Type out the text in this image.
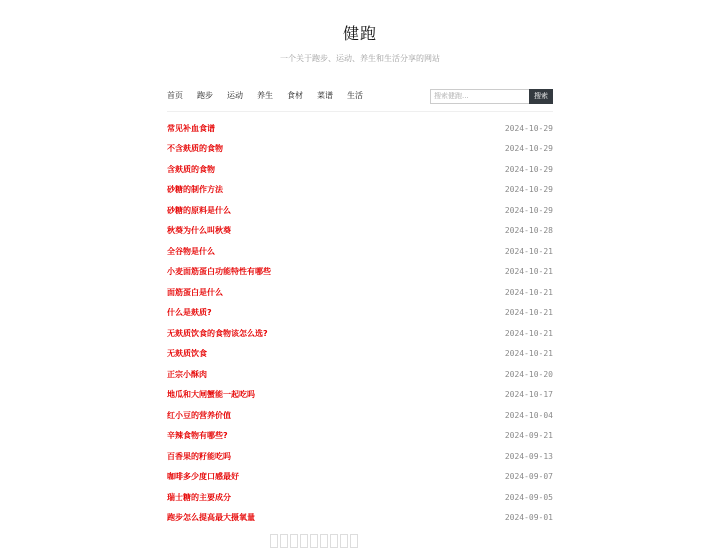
健跑
一个关于跑步、运动、养生和生活分享的网站
首页 跑步 运动 养生 食材 菜谱 生活
搜索健跑...	搜索
常见补血食谱	2024-10-29
不含麸质的食物	2024-10-29
含麸质的食物	2024-10-29
砂糖的制作方法	2024-10-29
砂糖的原料是什么	2024-10-29
秋葵为什么叫秋葵	2024-10-28
全谷物是什么	2024-10-21
小麦面筋蛋白功能特性有哪些	2024-10-21
面筋蛋白是什么	2024-10-21
什么是麸质?	2024-10-21
无麸质饮食的食物该怎么选?	2024-10-21
无麸质饮食	2024-10-21
正宗小酥肉	2024-10-20
地瓜和大闸蟹能一起吃吗	2024-10-17
红小豆的营养价值	2024-10-04
辛辣食物有哪些?	2024-09-21
百香果的籽能吃吗	2024-09-13
咖啡多少度口感最好	2024-09-07
瑞士糖的主要成分	2024-09-05
跑步怎么提高最大摄氧量	2024-09-01
